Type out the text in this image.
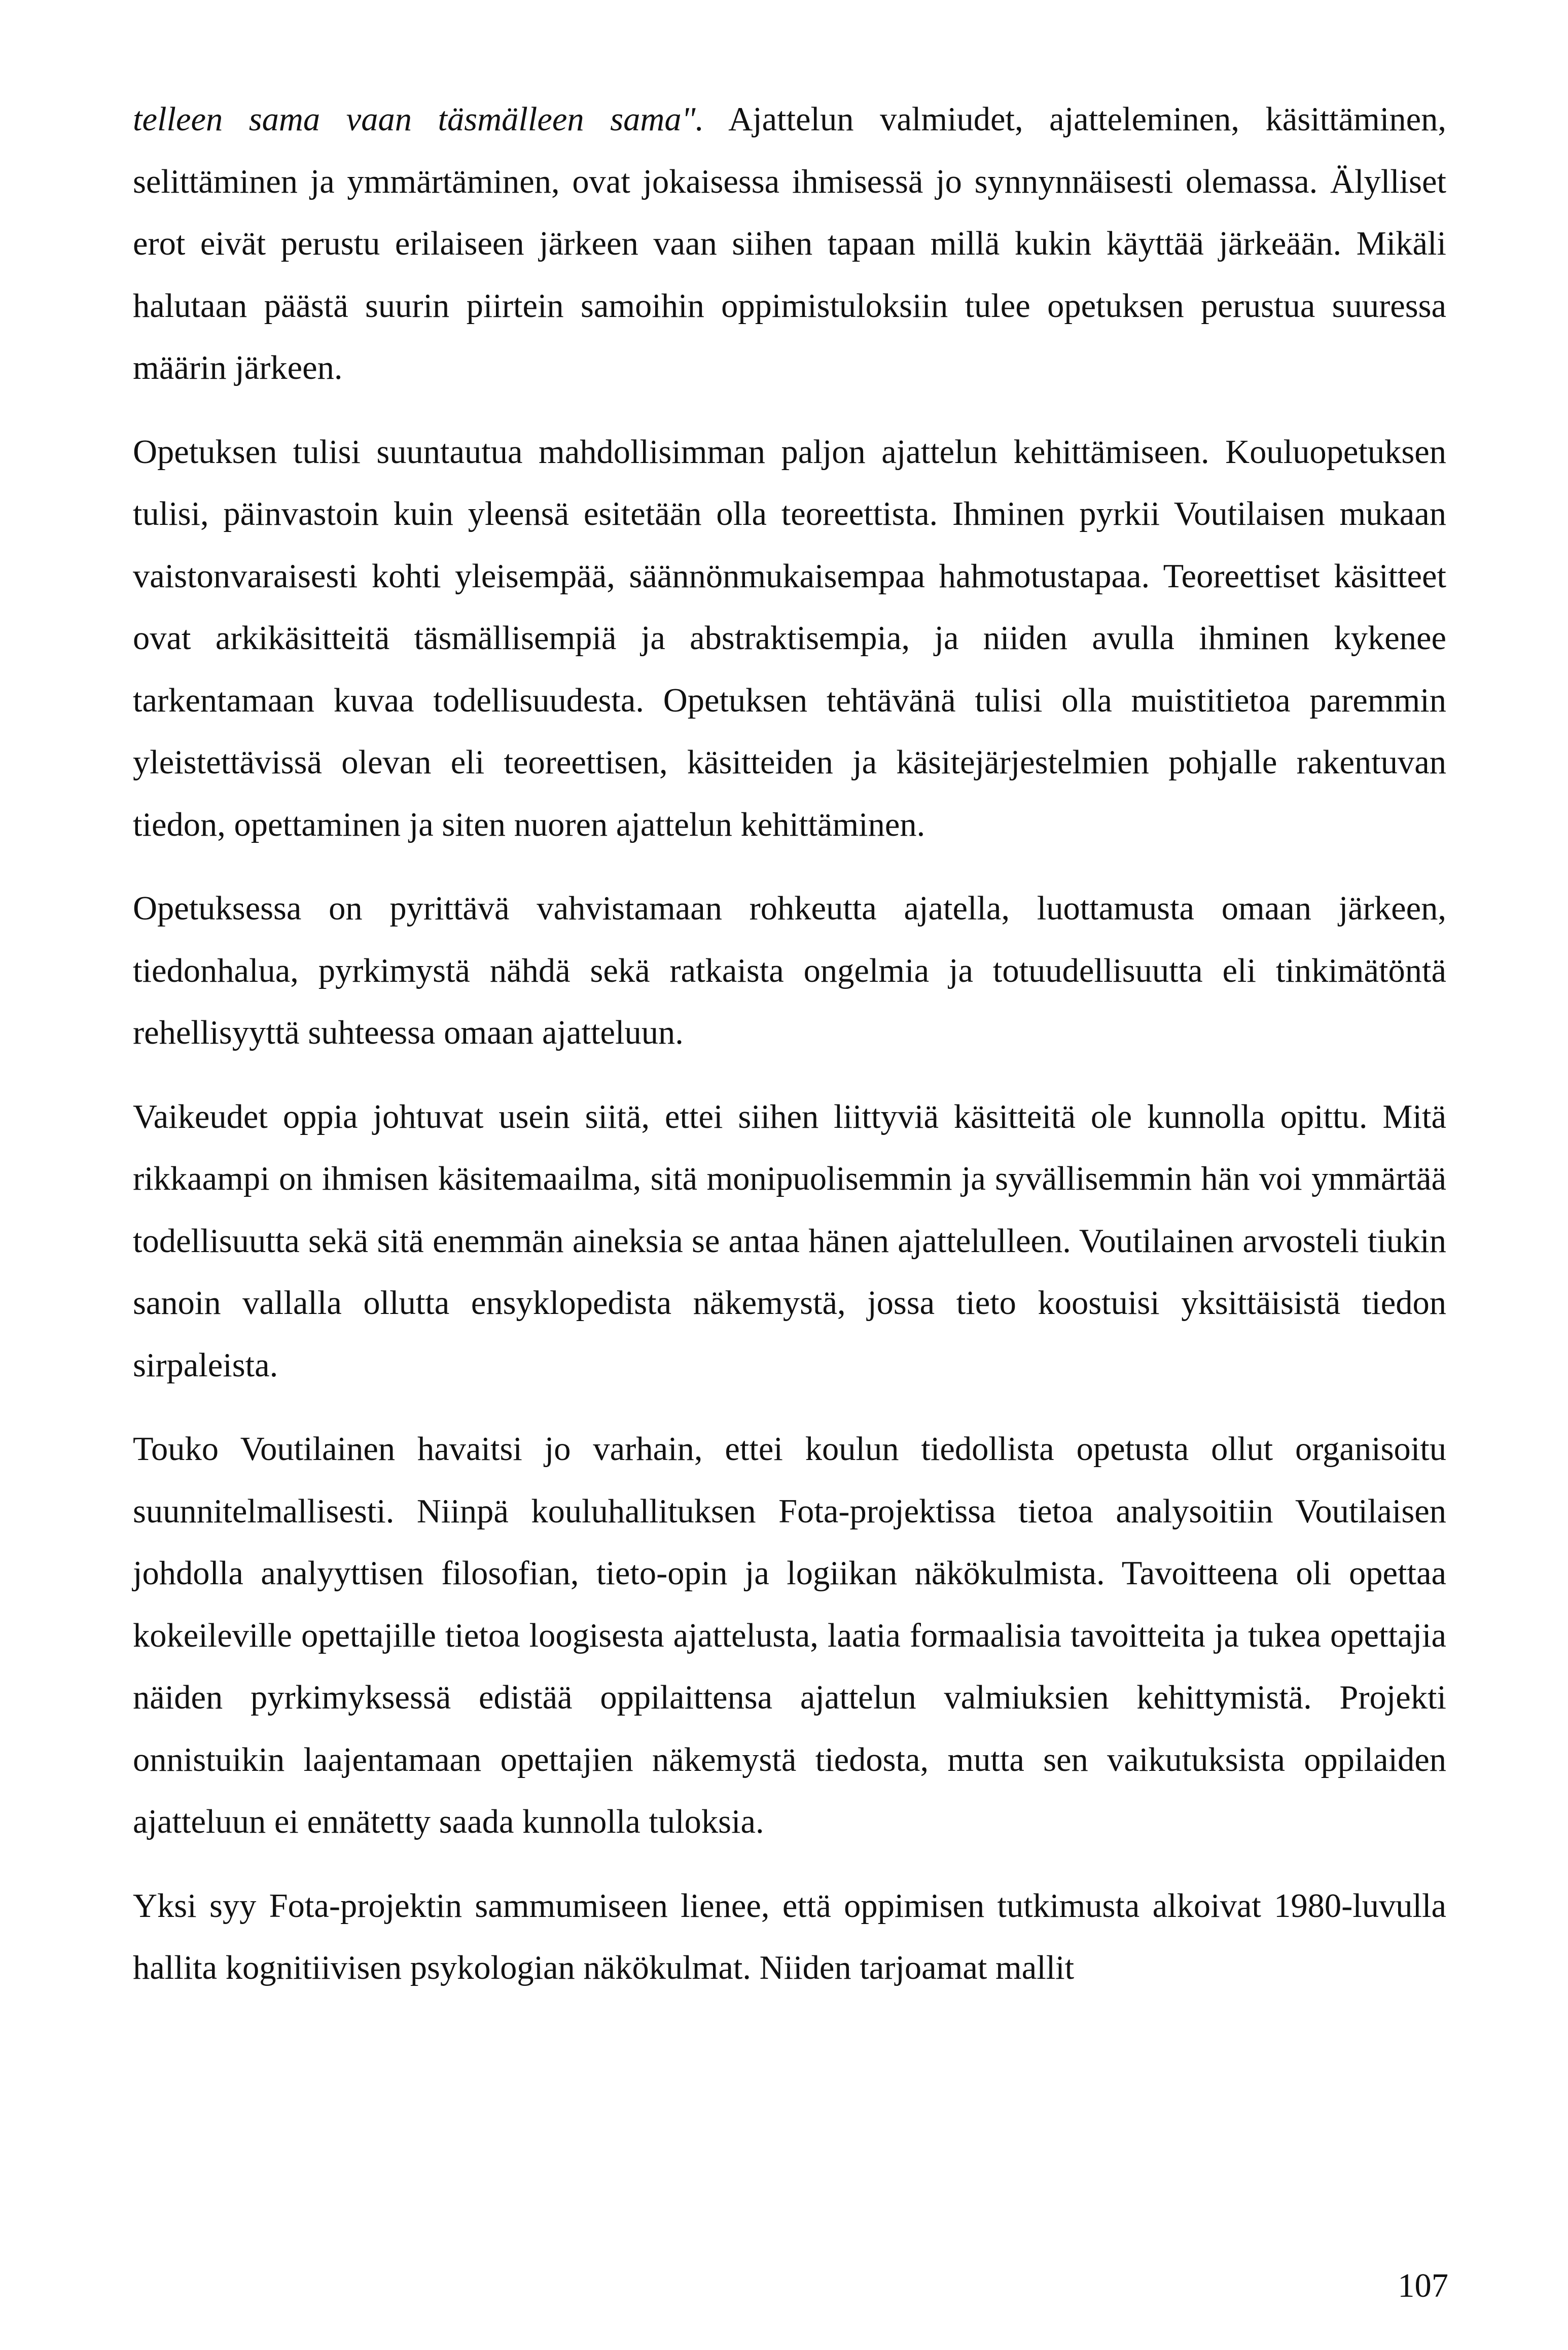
telleen sama vaan täsmälleen sama". Ajattelun valmiudet, ajatteleminen, käsittäminen, selittäminen ja ymmärtäminen, ovat jokaisessa ihmisessä jo synnynnäisesti olemassa. Älylliset erot eivät perustu erilaiseen järkeen vaan siihen tapaan millä kukin käyttää järkeään. Mikäli halutaan päästä suurin piirtein samoihin oppimistuloksiin tulee opetuksen perustua suuressa määrin järkeen.

Opetuksen tulisi suuntautua mahdollisimman paljon ajattelun kehittämiseen. Kouluopetuksen tulisi, päinvastoin kuin yleensä esitetään olla teoreettista. Ihminen pyrkii Voutilaisen mukaan vaistonvaraisesti kohti yleisempää, säännönmukaisempaa hahmotustapaa. Teoreettiset käsitteet ovat arkikäsitteitä täsmällisempiä ja abstraktisempia, ja niiden avulla ihminen kykenee tarkentamaan kuvaa todellisuudesta. Opetuksen tehtävänä tulisi olla muistitietoa paremmin yleistettävissä olevan eli teoreettisen, käsitteiden ja käsitejärjestelmien pohjalle rakentuvan tiedon, opettaminen ja siten nuoren ajattelun kehittäminen.

Opetuksessa on pyrittävä vahvistamaan rohkeutta ajatella, luottamusta omaan järkeen, tiedonhalua, pyrkimystä nähdä sekä ratkaista ongelmia ja totuudellisuutta eli tinkimätöntä rehellisyyttä suhteessa omaan ajatteluun.

Vaikeudet oppia johtuvat usein siitä, ettei siihen liittyviä käsitteitä ole kunnolla opittu. Mitä rikkaampi on ihmisen käsitemaailma, sitä monipuolisemmin ja syvällisemmin hän voi ymmärtää todellisuutta sekä sitä enemmän aineksia se antaa hänen ajattelulleen. Voutilainen arvosteli tiukin sanoin vallalla ollutta ensyklopedista näkemystä, jossa tieto koostuisi yksittäisistä tiedon sirpaleista.

Touko Voutilainen havaitsi jo varhain, ettei koulun tiedollista opetusta ollut organisoitu suunnitelmallisesti. Niinpä kouluhallituksen Fota-projektissa tietoa analysoitiin Voutilaisen johdolla analyyttisen filosofian, tieto-opin ja logiikan näkökulmista. Tavoitteena oli opettaa kokeileville opettajille tietoa loogisesta ajattelusta, laatia formaalisia tavoitteita ja tukea opettajia näiden pyrkimyksessä edistää oppilaittensa ajattelun valmiuksien kehittymistä. Projekti onnistuikin laajentamaan opettajien näkemystä tiedosta, mutta sen vaikutuksista oppilaiden ajatteluun ei ennätetty saada kunnolla tuloksia.

Yksi syy Fota-projektin sammumiseen lienee, että oppimisen tutkimusta alkoivat 1980-luvulla hallita kognitiivisen psykologian näkökulmat. Niiden tarjoamat mallit

107
